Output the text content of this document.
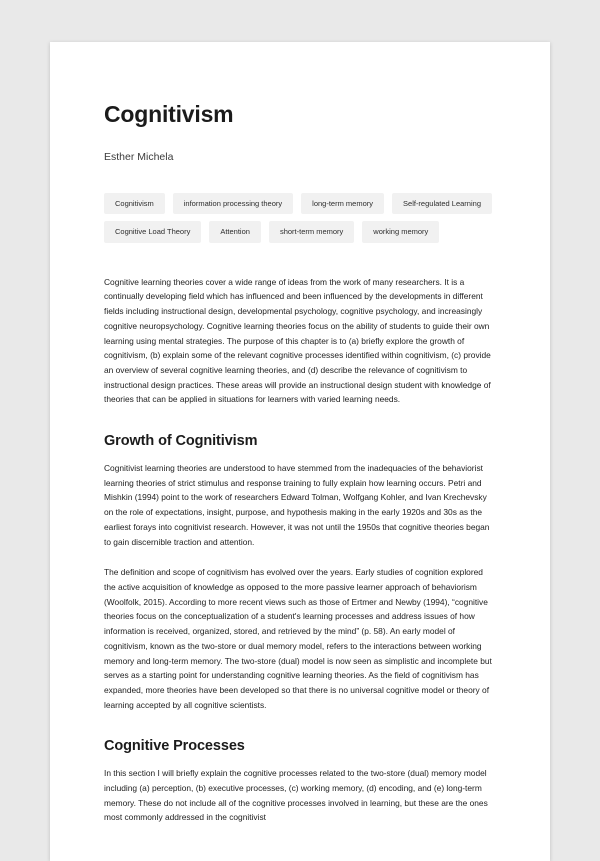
Cognitivism
Esther Michela
Cognitivism	information processing theory	long-term memory	Self-regulated Learning
Cognitive Load Theory	Attention	short-term memory	working memory

Cognitive learning theories cover a wide range of ideas from the work of many researchers. It is a continually developing field which has influenced and been influenced by the developments in different fields including instructional design, developmental psychology, cognitive psychology, and increasingly cognitive neuropsychology. Cognitive learning theories focus on the ability of students to guide their own learning using mental strategies. The purpose of this chapter is to (a) briefly explore the growth of cognitivism, (b) explain some of the relevant cognitive processes identified within cognitivism, (c) provide an overview of several cognitive learning theories, and (d) describe the relevance of cognitivism to instructional design practices. These areas will provide an instructional design student with knowledge of theories that can be applied in situations for learners with varied learning needs.

Growth of Cognitivism

Cognitivist learning theories are understood to have stemmed from the inadequacies of the behaviorist learning theories of strict stimulus and response training to fully explain how learning occurs. Petri and Mishkin (1994) point to the work of researchers Edward Tolman, Wolfgang Kohler, and Ivan Krechevsky on the role of expectations, insight, purpose, and hypothesis making in the early 1920s and 30s as the earliest forays into cognitivist research. However, it was not until the 1950s that cognitive theories began to gain discernible traction and attention.

The definition and scope of cognitivism has evolved over the years. Early studies of cognition explored the active acquisition of knowledge as opposed to the more passive learner approach of behaviorism (Woolfolk, 2015). According to more recent views such as those of Ertmer and Newby (1994), “cognitive theories focus on the conceptualization of a student's learning processes and address issues of how information is received, organized, stored, and retrieved by the mind” (p. 58). An early model of cognitivism, known as the two-store or dual memory model, refers to the interactions between working memory and long-term memory. The two-store (dual) model is now seen as simplistic and incomplete but serves as a starting point for understanding cognitive learning theories. As the field of cognitivism has expanded, more theories have been developed so that there is no universal cognitive model or theory of learning accepted by all cognitive scientists.

Cognitive Processes

In this section I will briefly explain the cognitive processes related to the two-store (dual) memory model including (a) perception, (b) executive processes, (c) working memory, (d) encoding, and (e) long-term memory. These do not include all of the cognitive processes involved in learning, but these are the ones most commonly addressed in the cognitivist
